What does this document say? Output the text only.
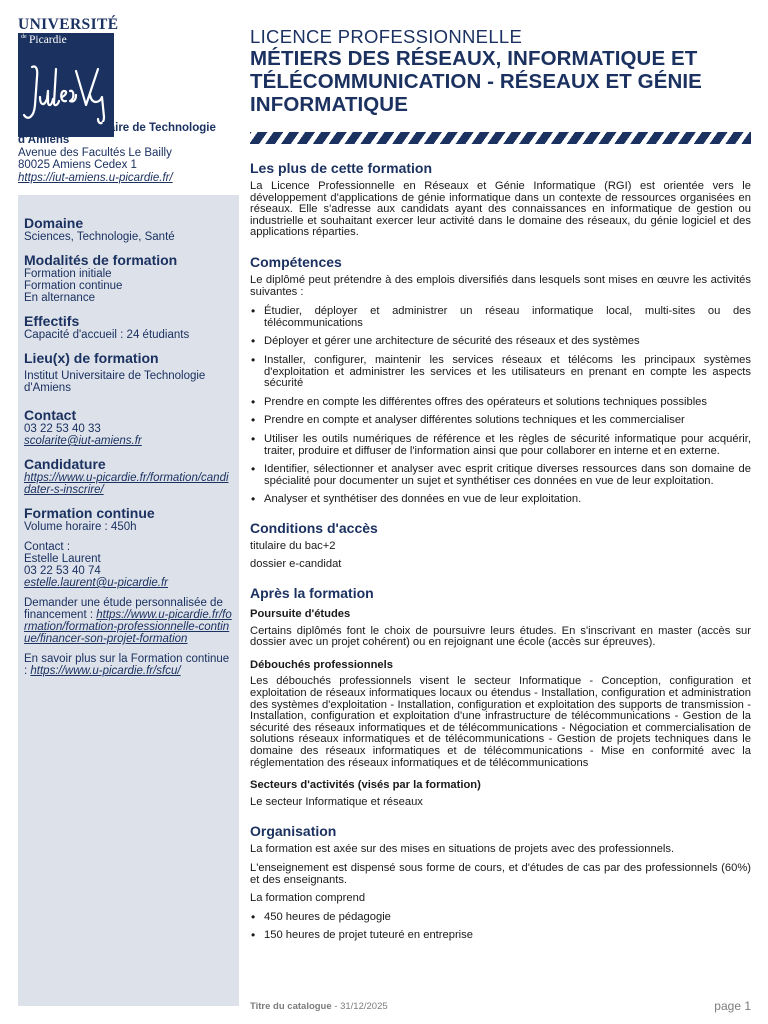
UNIVERSITÉ
de Picardie
Institut Universitaire de Technologie d'Amiens
Avenue des Facultés Le Bailly
80025 Amiens Cedex 1
https://iut-amiens.u-picardie.fr/
Domaine
Sciences, Technologie, Santé
Modalités de formation
Formation initiale
Formation continue
En alternance
Effectifs
Capacité d'accueil : 24 étudiants
Lieu(x) de formation
Institut Universitaire de Technologie d'Amiens
Contact
03 22 53 40 33
scolarite@iut-amiens.fr
Candidature
https://www.u-picardie.fr/formation/candidater-s-inscrire/
Formation continue
Volume horaire : 450h
Contact :
Estelle Laurent
03 22 53 40 74
estelle.laurent@u-picardie.fr
Demander une étude personnalisée de financement : https://www.u-picardie.fr/formation/formation-professionnelle-continue/financer-son-projet-formation
En savoir plus sur la Formation continue : https://www.u-picardie.fr/sfcu/
LICENCE PROFESSIONNELLE
MÉTIERS DES RÉSEAUX, INFORMATIQUE ET TÉLÉCOMMUNICATION - RÉSEAUX ET GÉNIE INFORMATIQUE
Les plus de cette formation
La Licence Professionnelle en Réseaux et Génie Informatique (RGI) est orientée vers le développement d'applications de génie informatique dans un contexte de ressources organisées en réseaux. Elle s'adresse aux candidats ayant des connaissances en informatique de gestion ou industrielle et souhaitant exercer leur activité dans le domaine des réseaux, du génie logiciel et des applications réparties.
Compétences

Le diplômé peut prétendre à des emplois diversifiés dans lesquels sont mises en œuvre les activités suivantes :

• Étudier, déployer et administrer un réseau informatique local, multi-sites ou des télécommunications
• Déployer et gérer une architecture de sécurité des réseaux et des systèmes
• Installer, configurer, maintenir les services réseaux et télécoms les principaux systèmes d'exploitation et administrer les services et les utilisateurs en prenant en compte les aspects sécurité
• Prendre en compte les différentes offres des opérateurs et solutions techniques possibles
• Prendre en compte et analyser différentes solutions techniques et les commercialiser
• Utiliser les outils numériques de référence et les règles de sécurité informatique pour acquérir, traiter, produire et diffuser de l'information ainsi que pour collaborer en interne et en externe.
• Identifier, sélectionner et analyser avec esprit critique diverses ressources dans son domaine de spécialité pour documenter un sujet et synthétiser ces données en vue de leur exploitation.
• Analyser et synthétiser des données en vue de leur exploitation.
Conditions d'accès

titulaire du bac+2

dossier e-candidat

Après la formation
Poursuite d'études

Certains diplômés font le choix de poursuivre leurs études. En s'inscrivant en master (accès sur dossier avec un projet cohérent) ou en rejoignant une école (accès sur épreuves).

Débouchés professionnels

Les débouchés professionnels visent le secteur Informatique - Conception, configuration et exploitation de réseaux informatiques locaux ou étendus - Installation, configuration et administration des systèmes d'exploitation - Installation, configuration et exploitation des supports de transmission - Installation, configuration et exploitation d'une infrastructure de télécommunications - Gestion de la sécurité des réseaux informatiques et de télécommunications - Négociation et commercialisation de solutions réseaux informatiques et de télécommunications - Gestion de projets techniques dans le domaine des réseaux informatiques et de télécommunications - Mise en conformité avec la réglementation des réseaux informatiques et de télécommunications

Secteurs d'activités (visés par la formation)

Le secteur Informatique et réseaux

Organisation

La formation est axée sur des mises en situations de projets avec des professionnels.

L'enseignement est dispensé sous forme de cours, et d'études de cas par des professionnels (60%) et des enseignants.

La formation comprend

• 450 heures de pédagogie
• 150 heures de projet tuteuré en entreprise
Titre du catalogue - 31/12/2025	page 1
